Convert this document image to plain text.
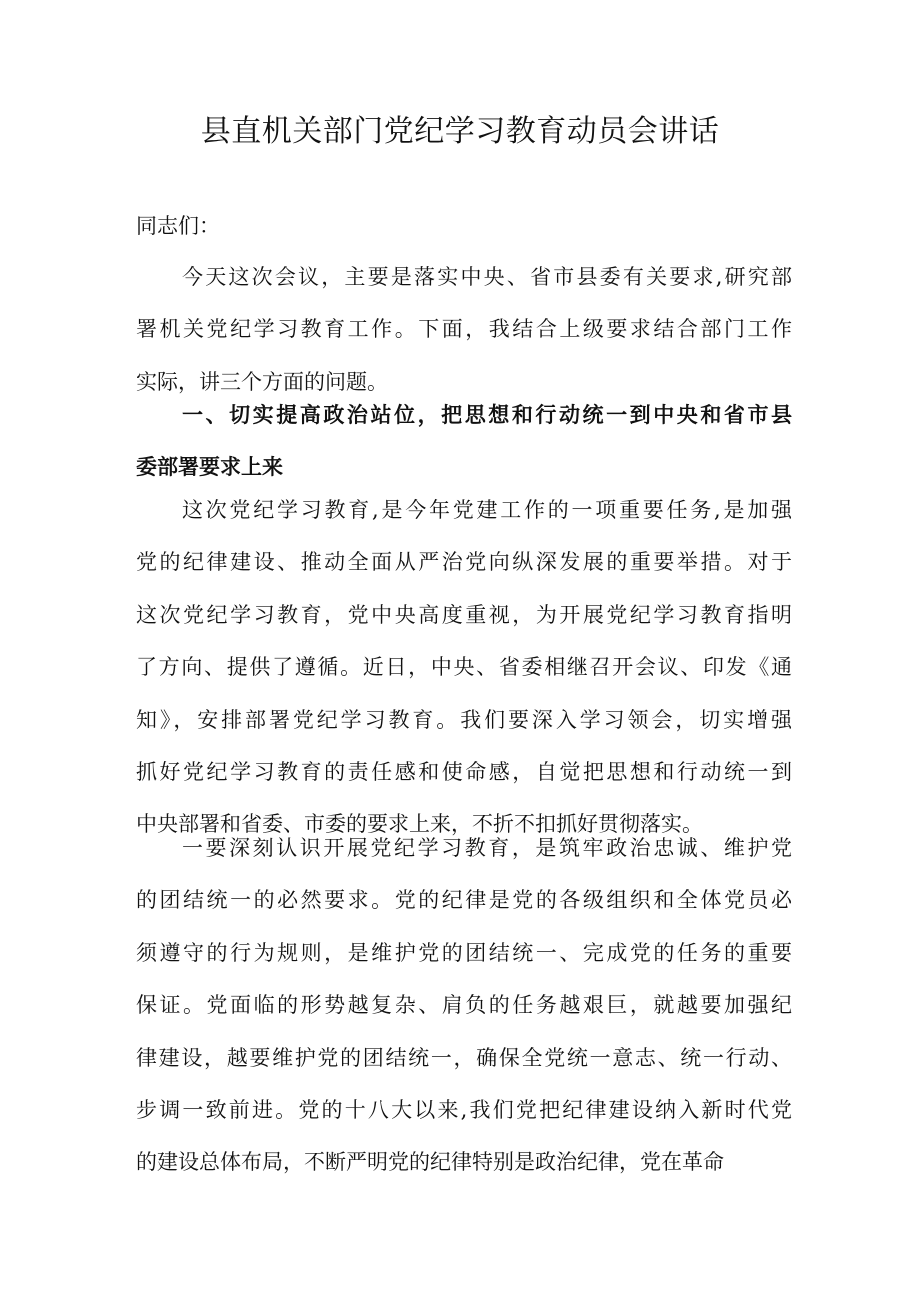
县直机关部门党纪学习教育动员会讲话
同志们：
今天这次会议，主要是落实中央、省市县委有关要求,研究部
署机关党纪学习教育工作。下面，我结合上级要求结合部门工作
实际，讲三个方面的问题。
一、切实提高政治站位，把思想和行动统一到中央和省市县
委部署要求上来
这次党纪学习教育,是今年党建工作的一项重要任务,是加强
党的纪律建设、推动全面从严治党向纵深发展的重要举措。对于
这次党纪学习教育，党中央高度重视，为开展党纪学习教育指明
了方向、提供了遵循。近日，中央、省委相继召开会议、印发《通
知》，安排部署党纪学习教育。我们要深入学习领会，切实增强
抓好党纪学习教育的责任感和使命感，自觉把思想和行动统一到
中央部署和省委、市委的要求上来，不折不扣抓好贯彻落实。
一要深刻认识开展党纪学习教育，是筑牢政治忠诚、维护党
的团结统一的必然要求。党的纪律是党的各级组织和全体党员必
须遵守的行为规则，是维护党的团结统一、完成党的任务的重要
保证。党面临的形势越复杂、肩负的任务越艰巨，就越要加强纪
律建设，越要维护党的团结统一，确保全党统一意志、统一行动、
步调一致前进。党的十八大以来,我们党把纪律建设纳入新时代党
的建设总体布局，不断严明党的纪律特别是政治纪律，党在革命
